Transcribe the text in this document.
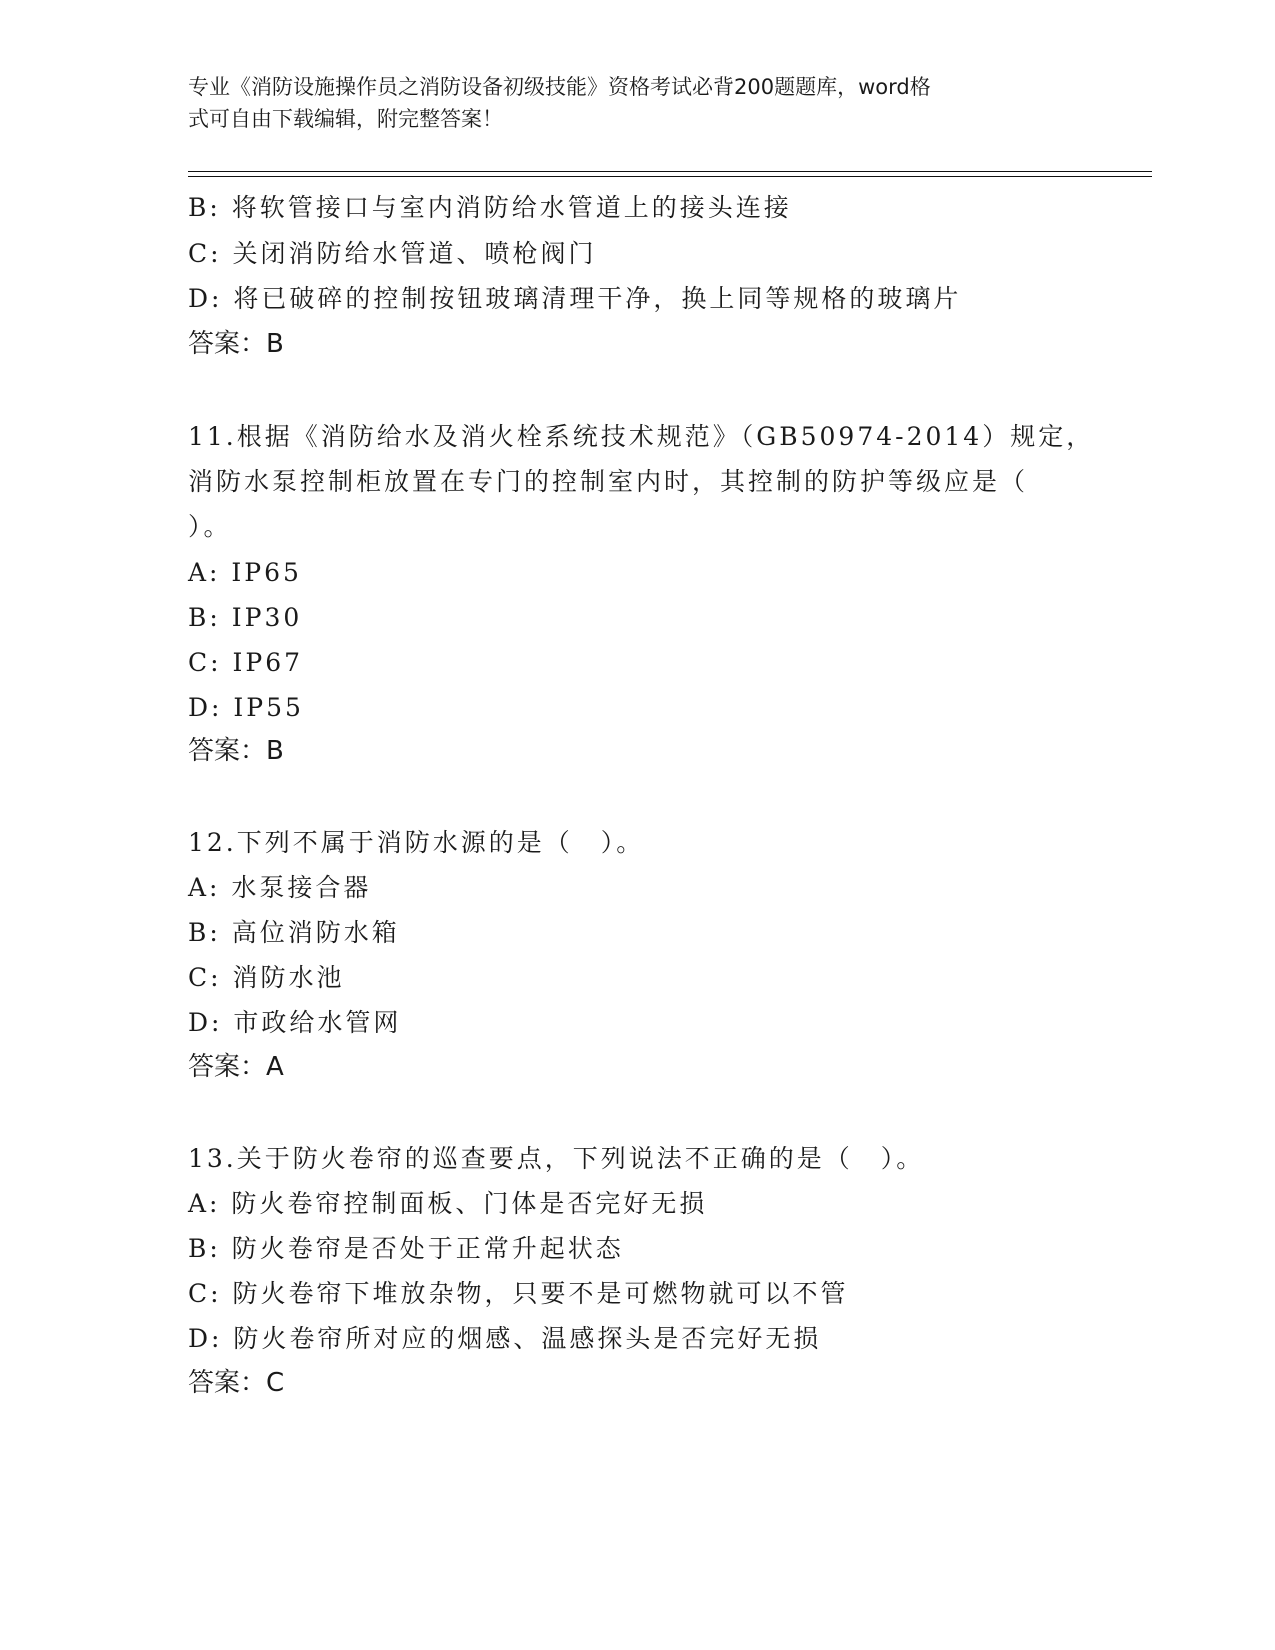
专业《消防设施操作员之消防设备初级技能》资格考试必背200题题库，word格
式可自由下载编辑，附完整答案！
B: 将软管接口与室内消防给水管道上的接头连接
C: 关闭消防给水管道、喷枪阀门
D: 将已破碎的控制按钮玻璃清理干净，换上同等规格的玻璃片
答案：B
11.根据《消防给水及消火栓系统技术规范》（GB50974-2014）规定，
消防水泵控制柜放置在专门的控制室内时，其控制的防护等级应是（
）。
A: IP65
B: IP30
C: IP67
D: IP55
答案：B
12.下列不属于消防水源的是（　）。
A: 水泵接合器
B: 高位消防水箱
C: 消防水池
D: 市政给水管网
答案：A
13.关于防火卷帘的巡查要点，下列说法不正确的是（　）。
A: 防火卷帘控制面板、门体是否完好无损
B: 防火卷帘是否处于正常升起状态
C: 防火卷帘下堆放杂物，只要不是可燃物就可以不管
D: 防火卷帘所对应的烟感、温感探头是否完好无损
答案：C
